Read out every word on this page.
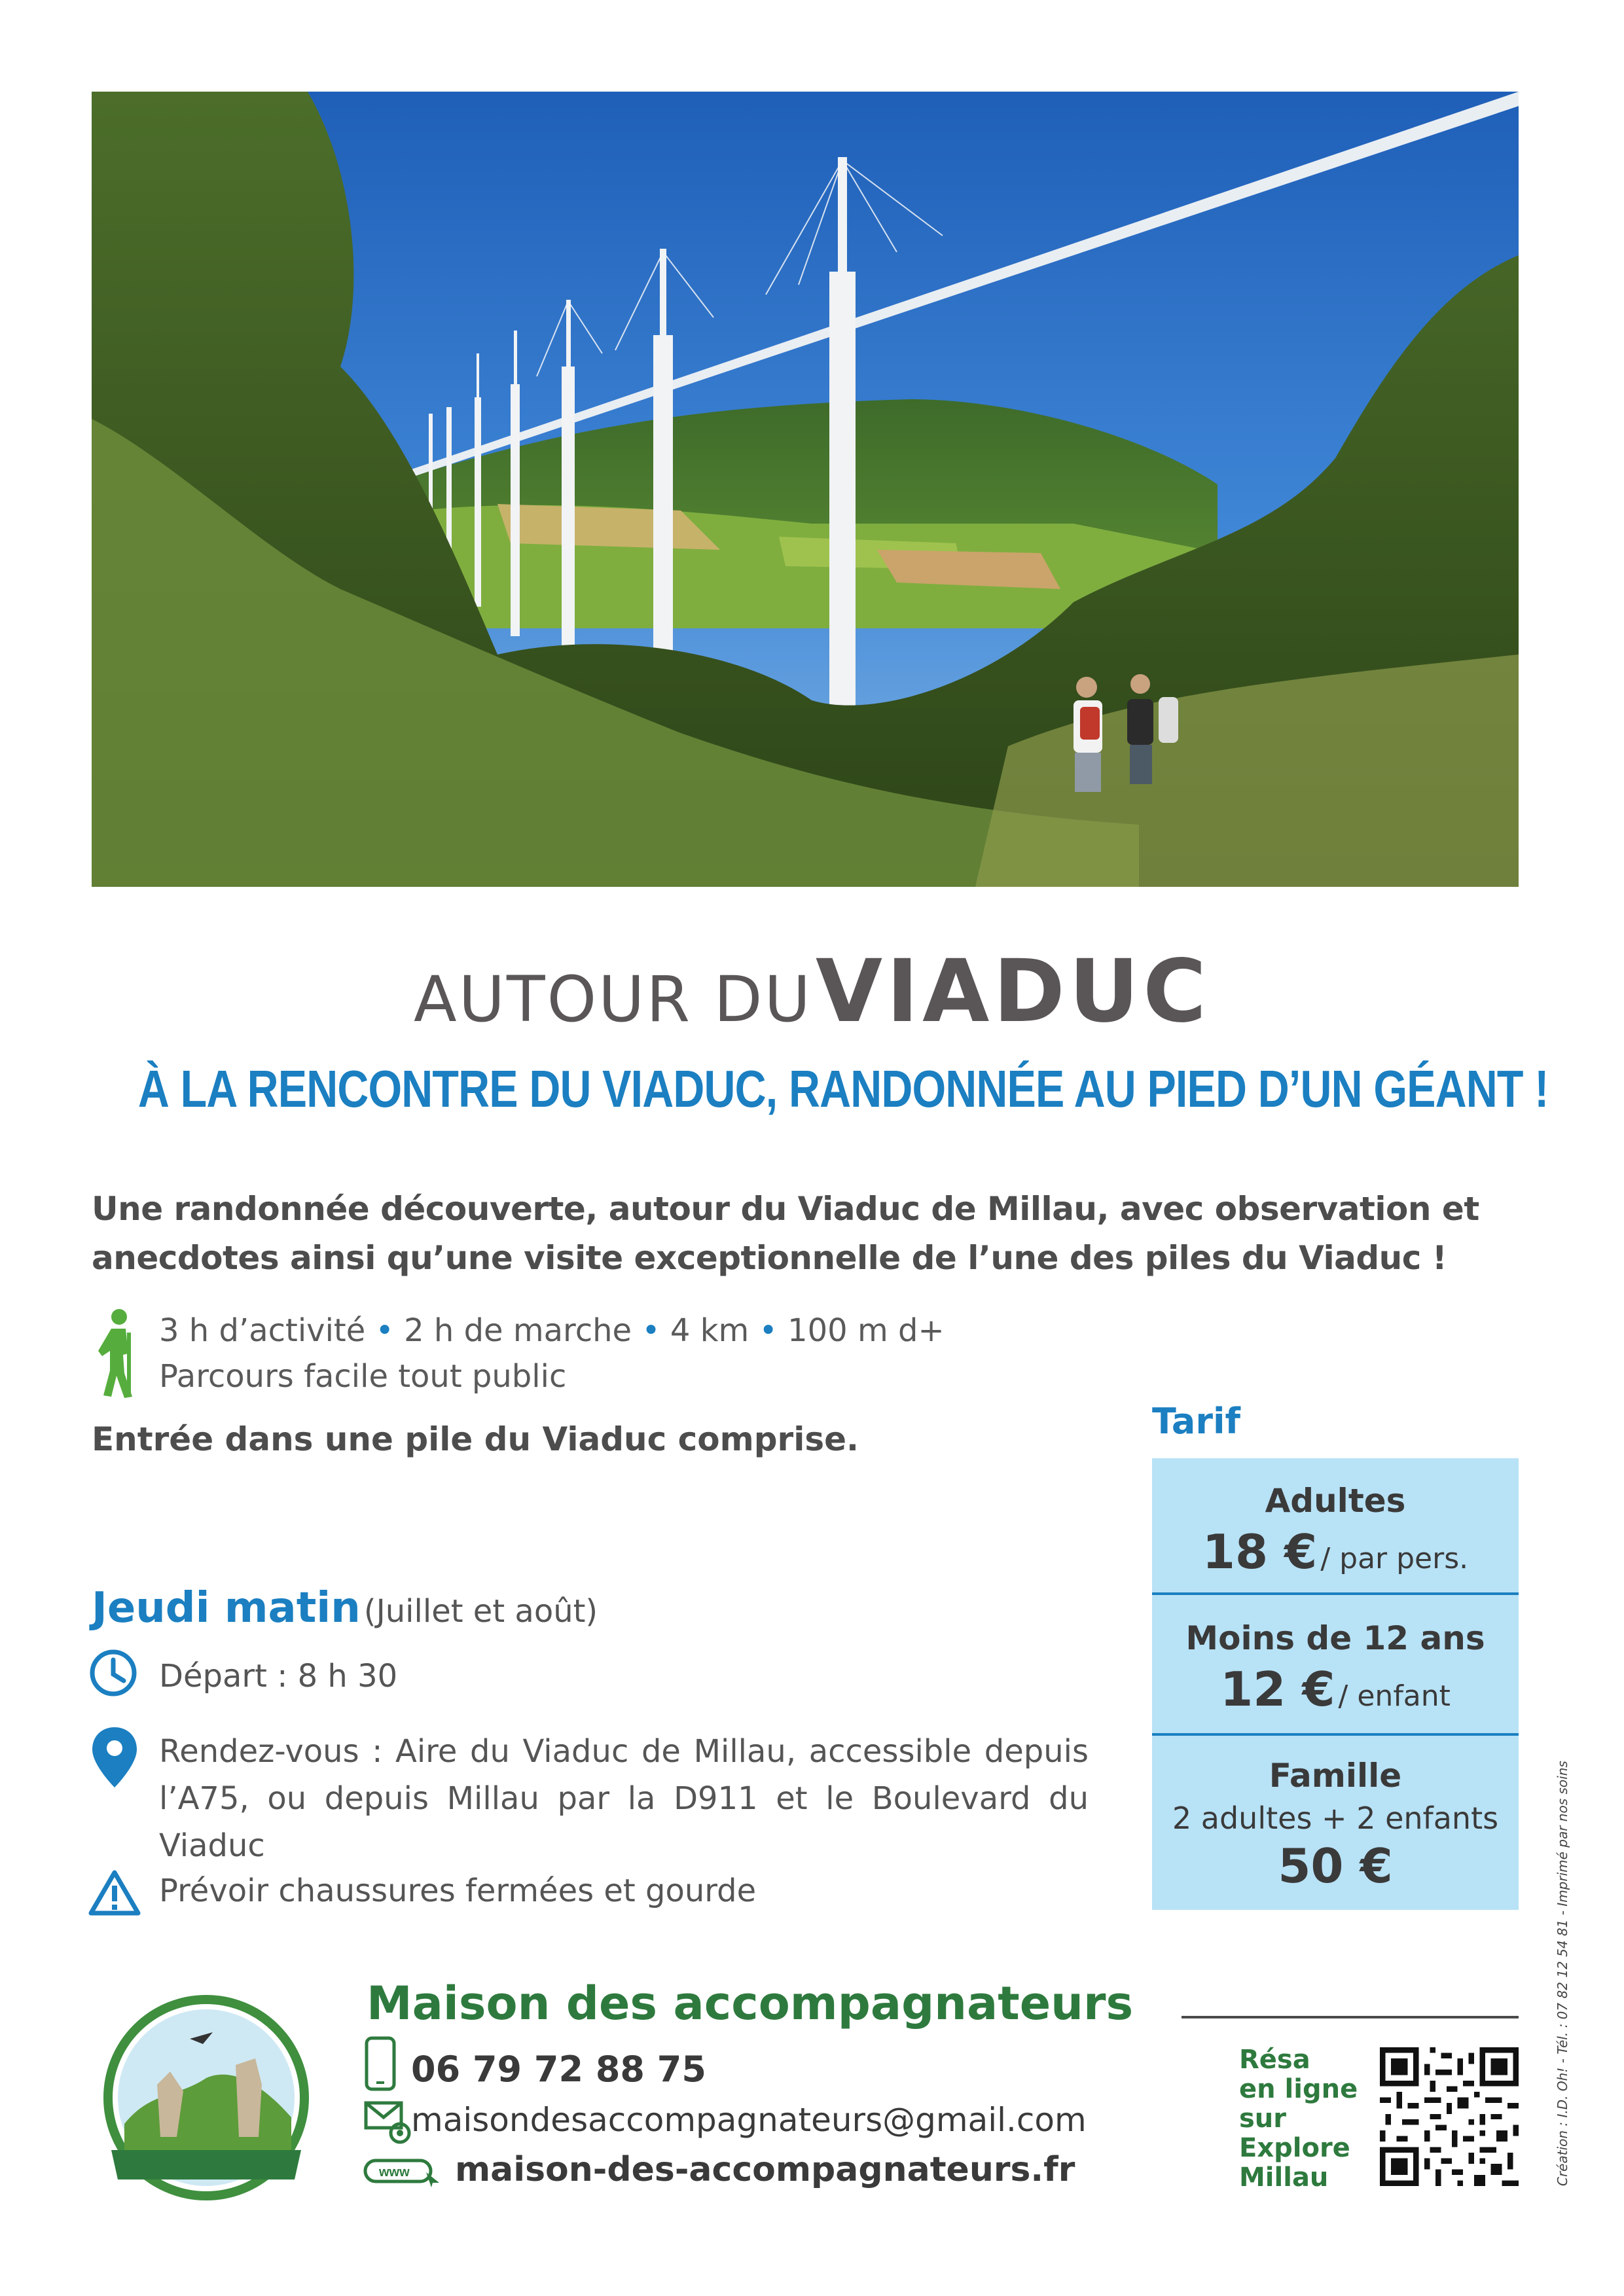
AUTOUR DU VIADUC
À LA RENCONTRE DU VIADUC, RANDONNÉE AU PIED D’UN GÉANT !
Une randonnée découverte, autour du Viaduc de Millau, avec observation et
anecdotes ainsi qu’une visite exceptionnelle de l’une des piles du Viaduc !
3 h d’activité • 2 h de marche • 4 km • 100 m d+
Parcours facile tout public
Entrée dans une pile du Viaduc comprise.
Jeudi matin (Juillet et août)
Départ : 8 h 30
Rendez-vous : Aire du Viaduc de Millau, accessible depuis l’A75, ou depuis Millau par la D911 et le Boulevard du Viaduc
Prévoir chaussures fermées et gourde
Tarif
Adultes
18 € / par pers.
Moins de 12 ans
12 € / enfant
Famille
2 adultes + 2 enfants
50 €	Création : I.D. Oh! - Tél. : 07 82 12 54 81 - Imprimé par nos soins
Maison des accompagnateurs
06 79 72 88 75
maisondesaccompagnateurs@gmail.com
www maison-des-accompagnateurs.fr
Résa
en ligne
sur
Explore
Millau
